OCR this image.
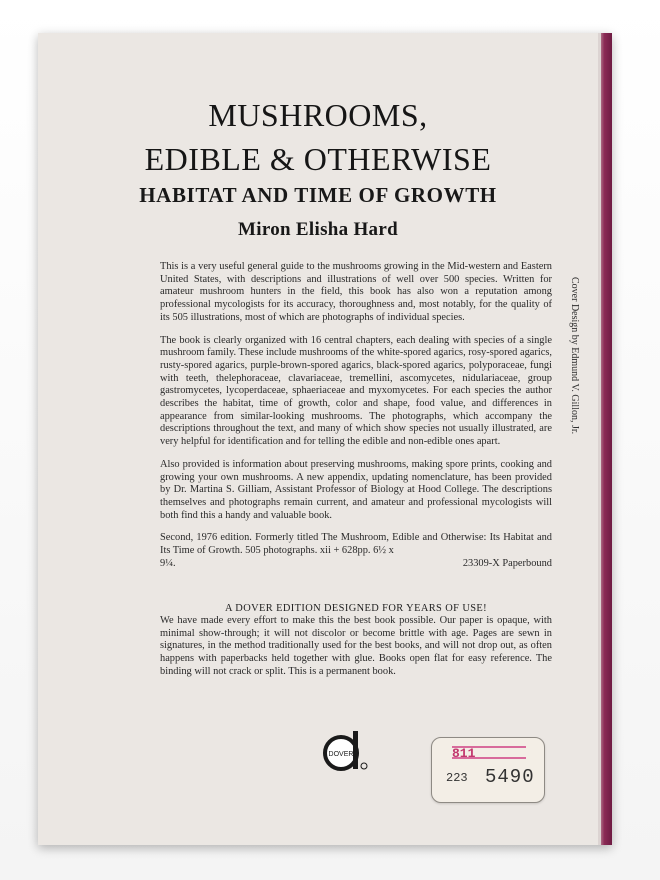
MUSHROOMS,
EDIBLE & OTHERWISE
HABITAT AND TIME OF GROWTH
Miron Elisha Hard

This is a very useful general guide to the mushrooms growing in the Mid-western and Eastern United States, with descriptions and illustrations of well over 500 species. Written for amateur mushroom hunters in the field, this book has also won a reputation among professional mycologists for its accuracy, thoroughness and, most notably, for the quality of its 505 illustrations, most of which are photographs of individual species.

The book is clearly organized with 16 central chapters, each dealing with species of a single mushroom family. These include mushrooms of the white-spored agarics, rosy-spored agarics, rusty-spored agarics, purple-brown-spored agarics, black-spored agarics, polyporaceae, fungi with teeth, thelephoraceae, clavariaceae, tremellini, ascomycetes, nidulariaceae, group gastromycetes, lycoperdaceae, sphaeriaceae and myxomycetes. For each species the author describes the habitat, time of growth, color and shape, food value, and differences in appearance from similar-looking mushrooms. The photographs, which accompany the descriptions throughout the text, and many of which show species not usually illustrated, are very helpful for identification and for telling the edible and non-edible ones apart.

Also provided is information about preserving mushrooms, making spore prints, cooking and growing your own mushrooms. A new appendix, updating nomenclature, has been provided by Dr. Martina S. Gilliam, Assistant Professor of Biology at Hood College. The descriptions themselves and photographs remain current, and amateur and professional mycologists will both find this a handy and valuable book.

Second, 1976 edition. Formerly titled The Mushroom, Edible and Otherwise: Its Habitat and Its Time of Growth. 505 photographs. xii + 628pp. 6½ x

9¼.	23309-X Paperbound
A DOVER EDITION DESIGNED FOR YEARS OF USE!
We have made every effort to make this the best book possible. Our paper is opaque, with minimal show-through; it will not discolor or become brittle with age. Pages are sewn in signatures, in the method traditionally used for the best books, and will not drop out, as often happens with paperbacks held together with glue. Books open flat for easy reference. The binding will not crack or split. This is a permanent book.
DOVER	811
223 5490
Cover Design by Edmund V. Gillon, Jr.
